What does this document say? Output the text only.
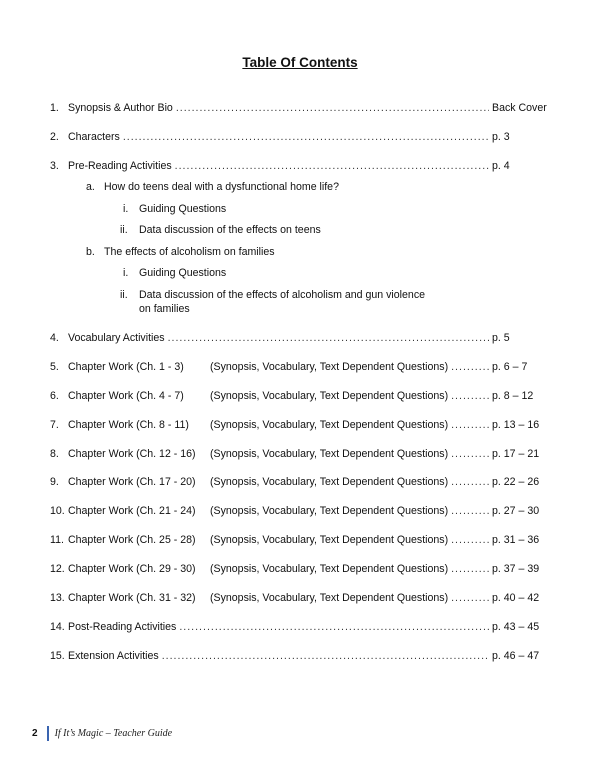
Table Of Contents
1. Synopsis & Author Bio .....	Back Cover
2. Characters .....	p. 3
3. Pre-Reading Activities .....	p. 4
a. How do teens deal with a dysfunctional home life?
i. Guiding Questions
ii. Data discussion of the effects on teens
b. The effects of alcoholism on families
i. Guiding Questions
ii. Data discussion of the effects of alcoholism and gun violence
on families
4. Vocabulary Activities .....	p. 5
5. Chapter Work (Ch. 1 - 3)	(Synopsis, Vocabulary, Text Dependent Questions) .....	p. 6 – 7
6. Chapter Work (Ch. 4 - 7)	(Synopsis, Vocabulary, Text Dependent Questions) .....	p. 8 – 12
7. Chapter Work (Ch. 8 - 11)	(Synopsis, Vocabulary, Text Dependent Questions) .....	p. 13 – 16
8. Chapter Work (Ch. 12 - 16)	(Synopsis, Vocabulary, Text Dependent Questions) .....	p. 17 – 21
9. Chapter Work (Ch. 17 - 20)	(Synopsis, Vocabulary, Text Dependent Questions) .....	p. 22 – 26
10. Chapter Work (Ch. 21 - 24)	(Synopsis, Vocabulary, Text Dependent Questions) .....	p. 27 – 30
11. Chapter Work (Ch. 25 - 28)	(Synopsis, Vocabulary, Text Dependent Questions) .....	p. 31 – 36
12. Chapter Work (Ch. 29 - 30)	(Synopsis, Vocabulary, Text Dependent Questions) .....	p. 37 – 39
13. Chapter Work (Ch. 31 - 32)	(Synopsis, Vocabulary, Text Dependent Questions) .....	p. 40 – 42
14. Post-Reading Activities .....	p. 43 – 45
15. Extension Activities .....	p. 46 – 47
2 If It’s Magic – Teacher Guide
